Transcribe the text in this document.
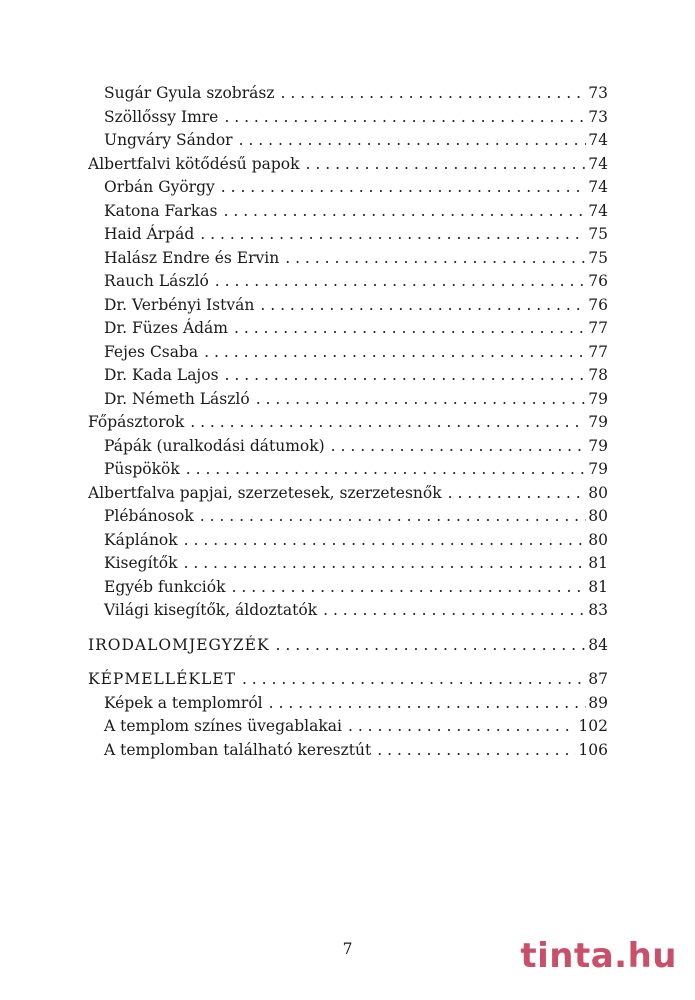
Sugár Gyula szobrász . . .	73
Szöllőssy Imre . . .	73
Ungváry Sándor . . .	74
Albertfalvi kötődésű papok . . .	74
Orbán György . . .	74
Katona Farkas . . .	74
Haid Árpád . . .	75
Halász Endre és Ervin . . .	75
Rauch László . . .	76
Dr. Verbényi István . . .	76
Dr. Füzes Ádám . . .	77
Fejes Csaba . . .	77
Dr. Kada Lajos . . .	78
Dr. Németh László . . .	79
Főpásztorok . . .	79
Pápák (uralkodási dátumok) . . .	79
Püspökök . . .	79
Albertfalva papjai, szerzetesek, szerzetesnők . . .	80
Plébánosok . . .	80
Káplánok . . .	80
Kisegítők . . .	81
Egyéb funkciók . . .	81
Világi kisegítők, áldoztatók . . .	83
IRODALOMJEGYZÉK . . .	84
KÉPMELLÉKLET . . .	87
Képek a templomról . . .	89
A templom színes üvegablakai . . .	102
A templomban található keresztút . . .	106
7	tinta.hu
